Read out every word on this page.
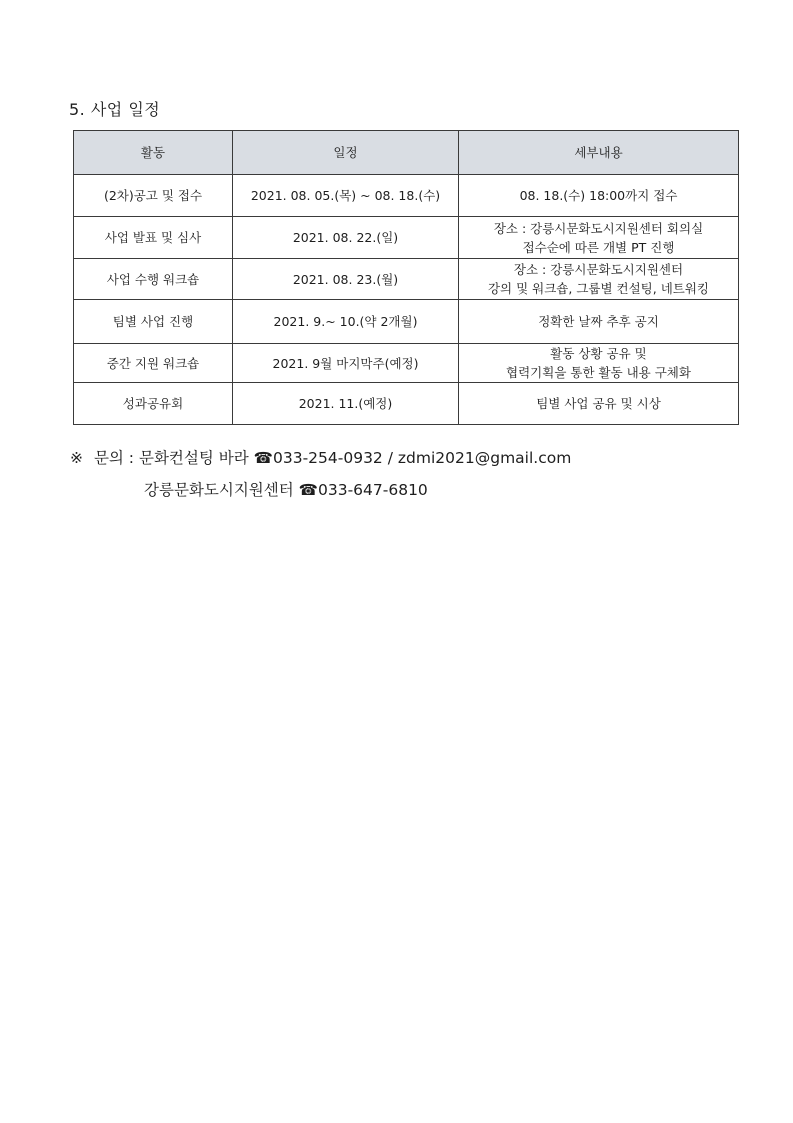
5. 사업 일정
활동	일정	세부내용
(2차)공고 및 접수	2021. 08. 05.(목) ~ 08. 18.(수)	08. 18.(수) 18:00까지 접수

사업 발표 및 심사	2021. 08. 22.(일)	장소 : 강릉시문화도시지원센터 회의실
접수순에 따른 개별 PT 진행

사업 수행 워크숍	2021. 08. 23.(월)	장소 : 강릉시문화도시지원센터
강의 및 워크숍, 그룹별 컨설팅, 네트워킹

팀별 사업 진행	2021. 9.~ 10.(약 2개월)	정확한 날짜 추후 공지

중간 지원 워크숍	2021. 9월 마지막주(예정)	활동 상황 공유 및
협력기획을 통한 활동 내용 구체화

성과공유회	2021. 11.(예정)	팀별 사업 공유 및 시상
※ 문의 : 문화컨설팅 바라 ☎033-254-0932 / zdmi2021@gmail.com
강릉문화도시지원센터 ☎033-647-6810
